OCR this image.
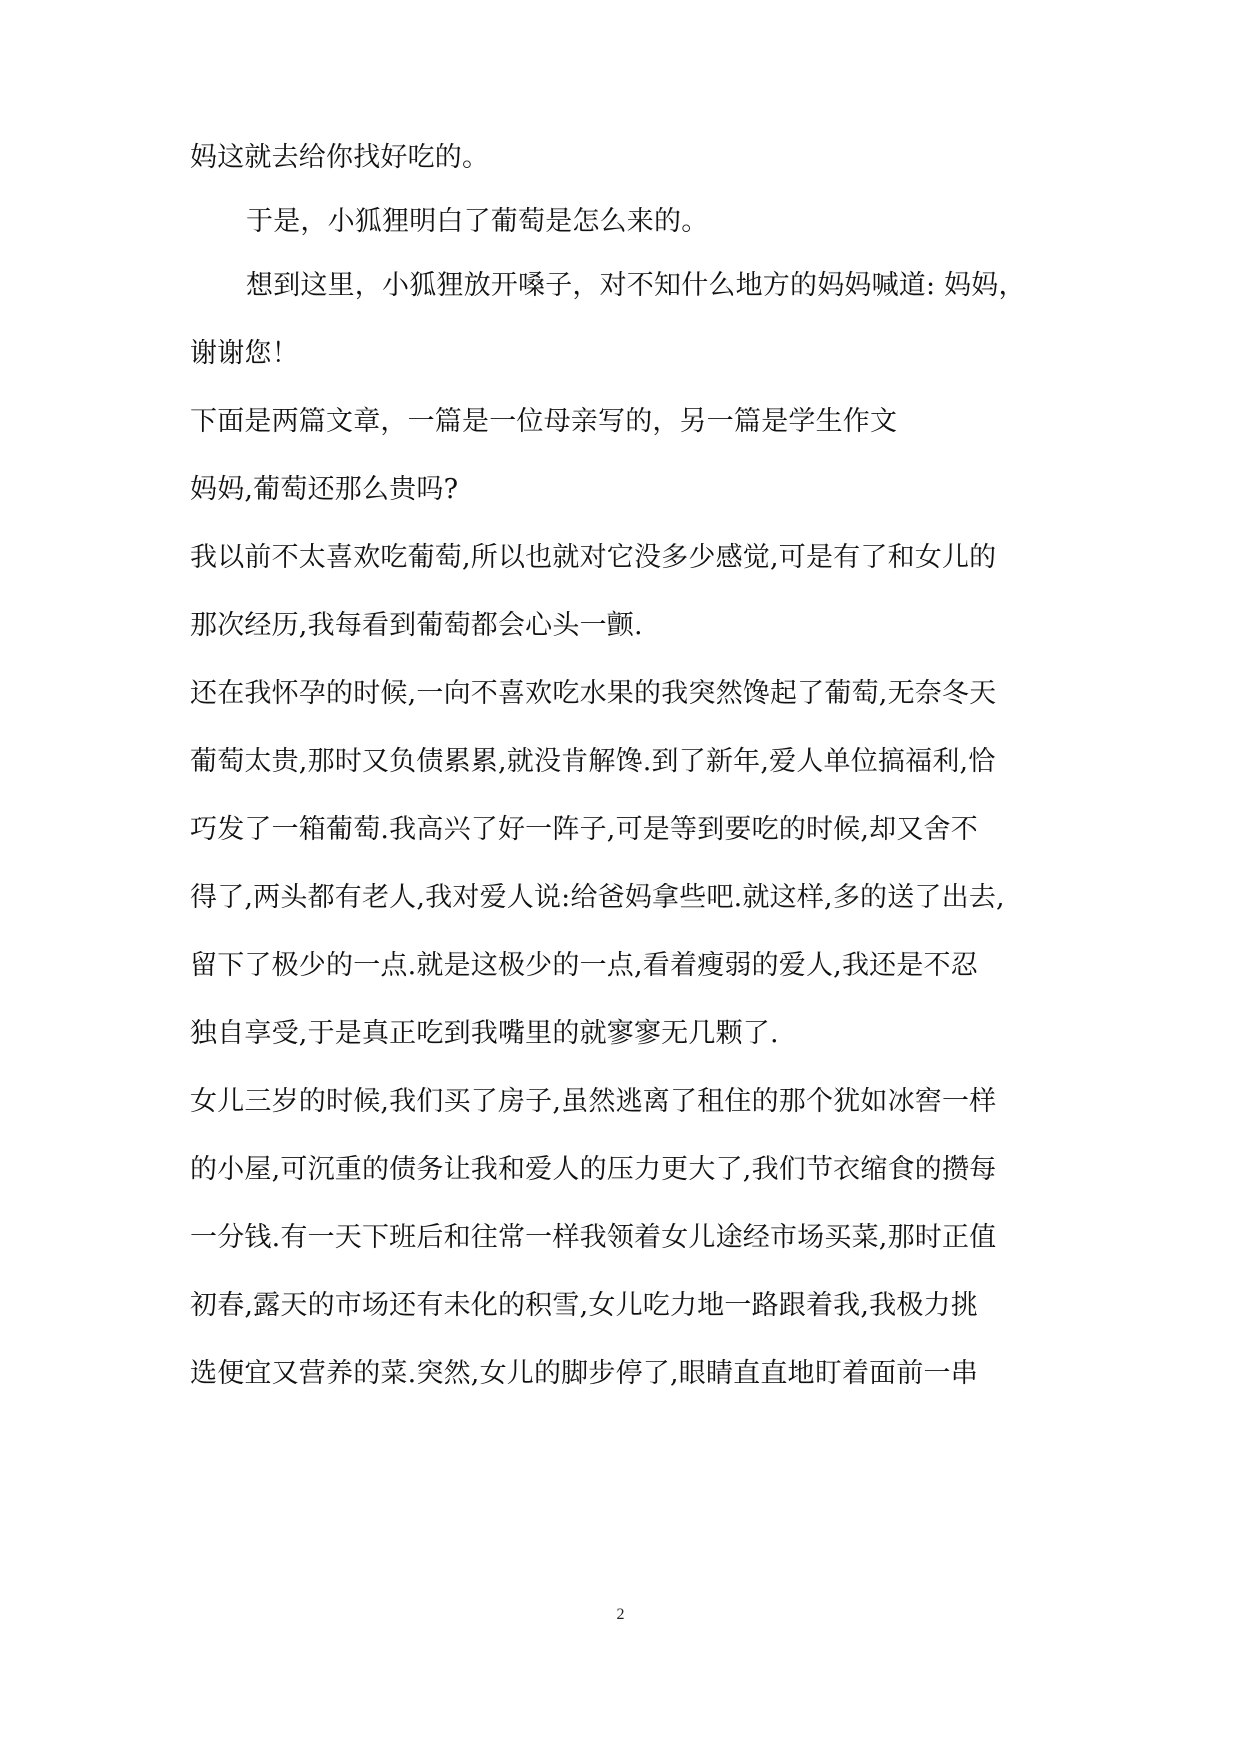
妈这就去给你找好吃的。

于是，小狐狸明白了葡萄是怎么来的。

想到这里，小狐狸放开嗓子，对不知什么地方的妈妈喊道: 妈妈，

谢谢您！

下面是两篇文章，一篇是一位母亲写的，另一篇是学生作文

妈妈,葡萄还那么贵吗?

我以前不太喜欢吃葡萄,所以也就对它没多少感觉,可是有了和女儿的

那次经历,我每看到葡萄都会心头一颤.

还在我怀孕的时候,一向不喜欢吃水果的我突然馋起了葡萄,无奈冬天

葡萄太贵,那时又负债累累,就没肯解馋.到了新年,爱人单位搞福利,恰

巧发了一箱葡萄.我高兴了好一阵子,可是等到要吃的时候,却又舍不

得了,两头都有老人,我对爱人说:给爸妈拿些吧.就这样,多的送了出去,

留下了极少的一点.就是这极少的一点,看着瘦弱的爱人,我还是不忍

独自享受,于是真正吃到我嘴里的就寥寥无几颗了.

女儿三岁的时候,我们买了房子,虽然逃离了租住的那个犹如冰窖一样

的小屋,可沉重的债务让我和爱人的压力更大了,我们节衣缩食的攒每

一分钱.有一天下班后和往常一样我领着女儿途经市场买菜,那时正值

初春,露天的市场还有未化的积雪,女儿吃力地一路跟着我,我极力挑

选便宜又营养的菜.突然,女儿的脚步停了,眼睛直直地盯着面前一串

2
